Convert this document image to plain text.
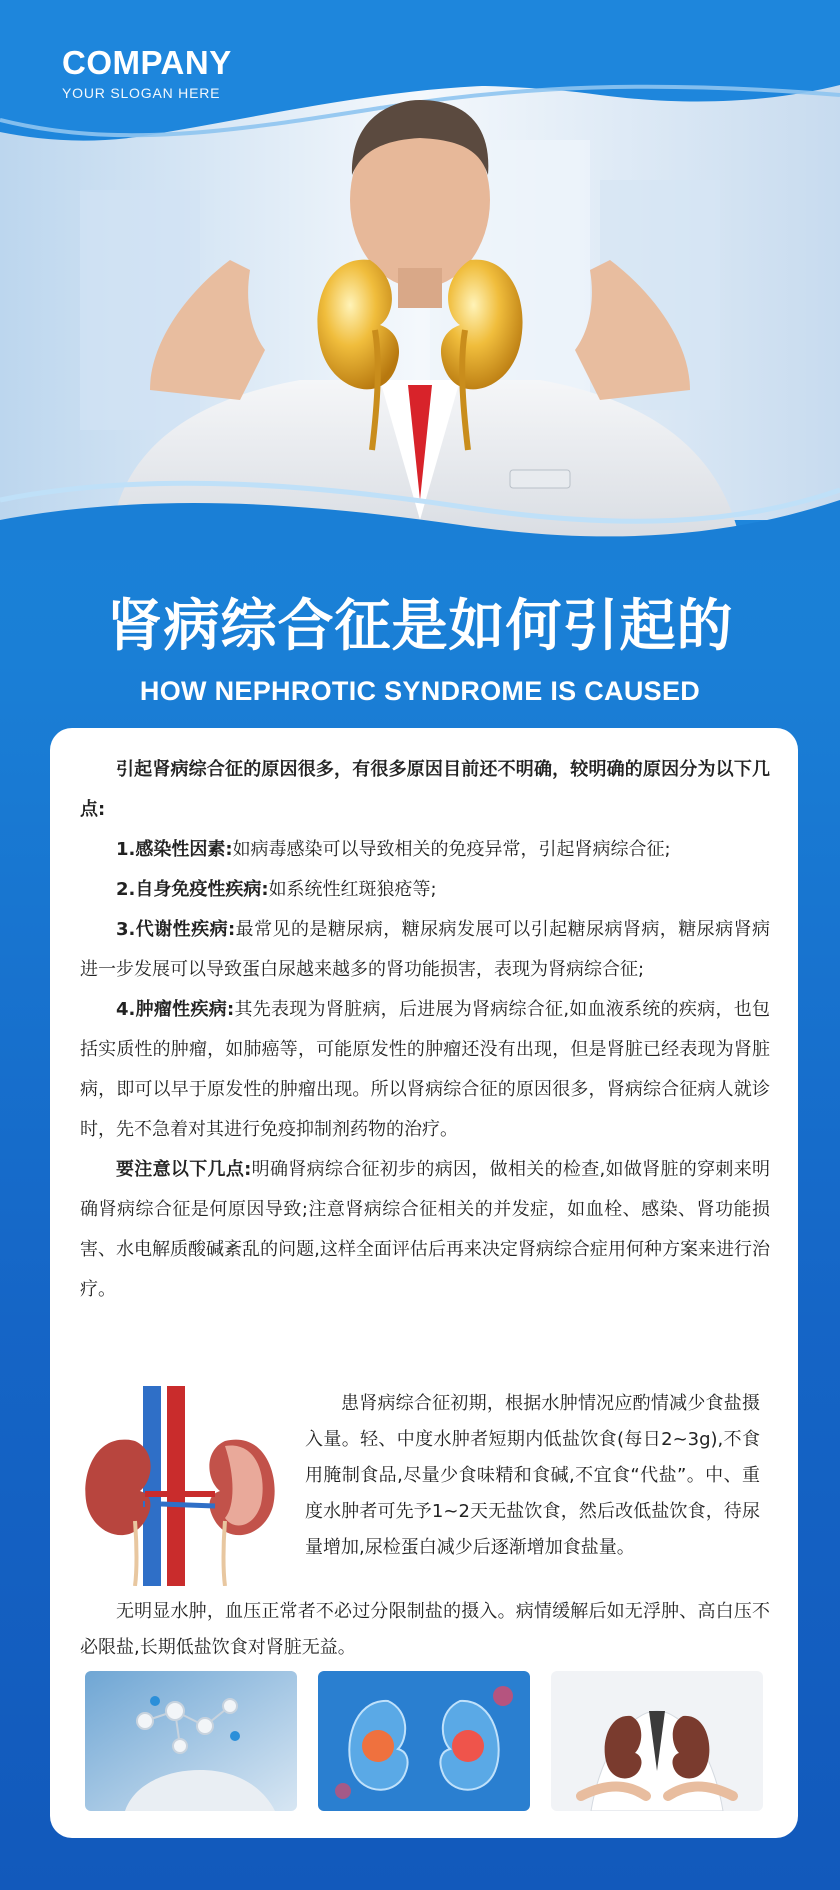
COMPANY
YOUR SLOGAN HERE
肾病综合征是如何引起的
HOW NEPHROTIC SYNDROME IS CAUSED

引起肾病综合征的原因很多，有很多原因目前还不明确，较明确的原因分为以下几点:

1.感染性因素:如病毒感染可以导致相关的免疫异常，引起肾病综合征;

2.自身免疫性疾病:如系统性红斑狼疮等;

3.代谢性疾病:最常见的是糖尿病，糖尿病发展可以引起糖尿病肾病，糖尿病肾病进一步发展可以导致蛋白尿越来越多的肾功能损害，表现为肾病综合征;

4.肿瘤性疾病:其先表现为肾脏病，后进展为肾病综合征,如血液系统的疾病，也包括实质性的肿瘤，如肺癌等，可能原发性的肿瘤还没有出现，但是肾脏已经表现为肾脏病，即可以早于原发性的肿瘤出现。所以肾病综合征的原因很多，肾病综合征病人就诊时，先不急着对其进行免疫抑制剂药物的治疗。

要注意以下几点:明确肾病综合征初步的病因，做相关的检查,如做肾脏的穿刺来明确肾病综合征是何原因导致;注意肾病综合征相关的并发症，如血栓、感染、肾功能损害、水电解质酸碱紊乱的问题,这样全面评估后再来决定肾病综合症用何种方案来进行治疗。

患肾病综合征初期，根据水肿情况应酌情减少食盐摄入量。轻、中度水肿者短期内低盐饮食(每日2~3g),不食用腌制食品,尽量少食味精和食碱,不宜食“代盐”。中、重度水肿者可先予1~2天无盐饮食，然后改低盐饮食，待尿量增加,尿检蛋白减少后逐渐增加食盐量。

无明显水肿，血压正常者不必过分限制盐的摄入。病情缓解后如无浮肿、高白压不必限盐,长期低盐饮食对肾脏无益。
